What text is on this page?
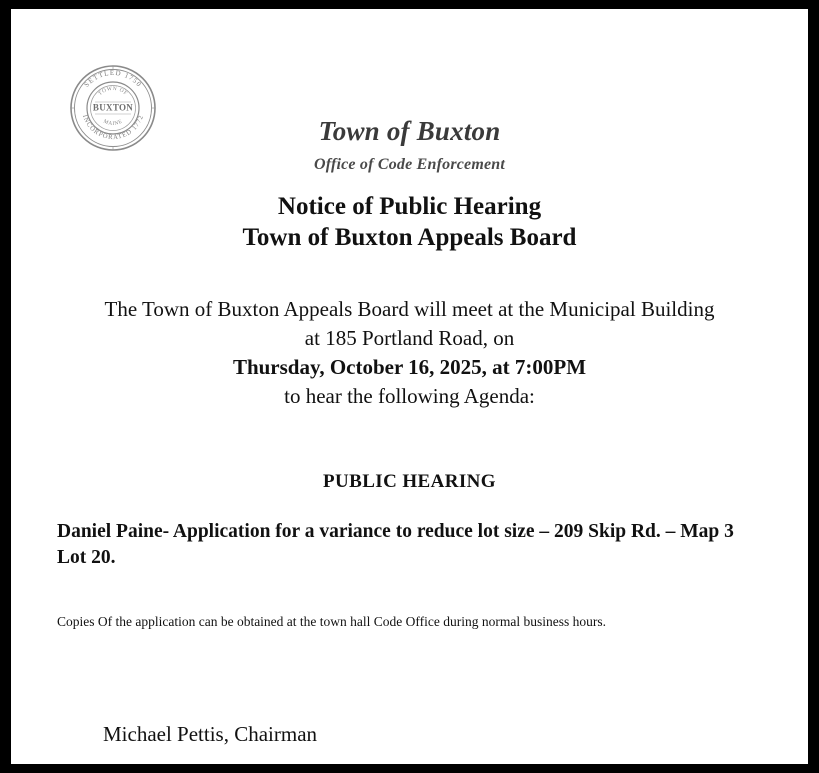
SETTLED 1750
INCORPORATED 1772
TOWN OF
MAINE
BUXTON
Town of Buxton
Office of Code Enforcement
Notice of Public Hearing
Town of Buxton Appeals Board
The Town of Buxton Appeals Board will meet at the Municipal Building
at 185 Portland Road, on
Thursday, October 16, 2025, at 7:00PM
to hear the following Agenda:
PUBLIC HEARING
Daniel Paine- Application for a variance to reduce lot size – 209 Skip Rd. – Map 3 Lot 20.
Copies Of the application can be obtained at the town hall Code Office during normal business hours.
Michael Pettis, Chairman
